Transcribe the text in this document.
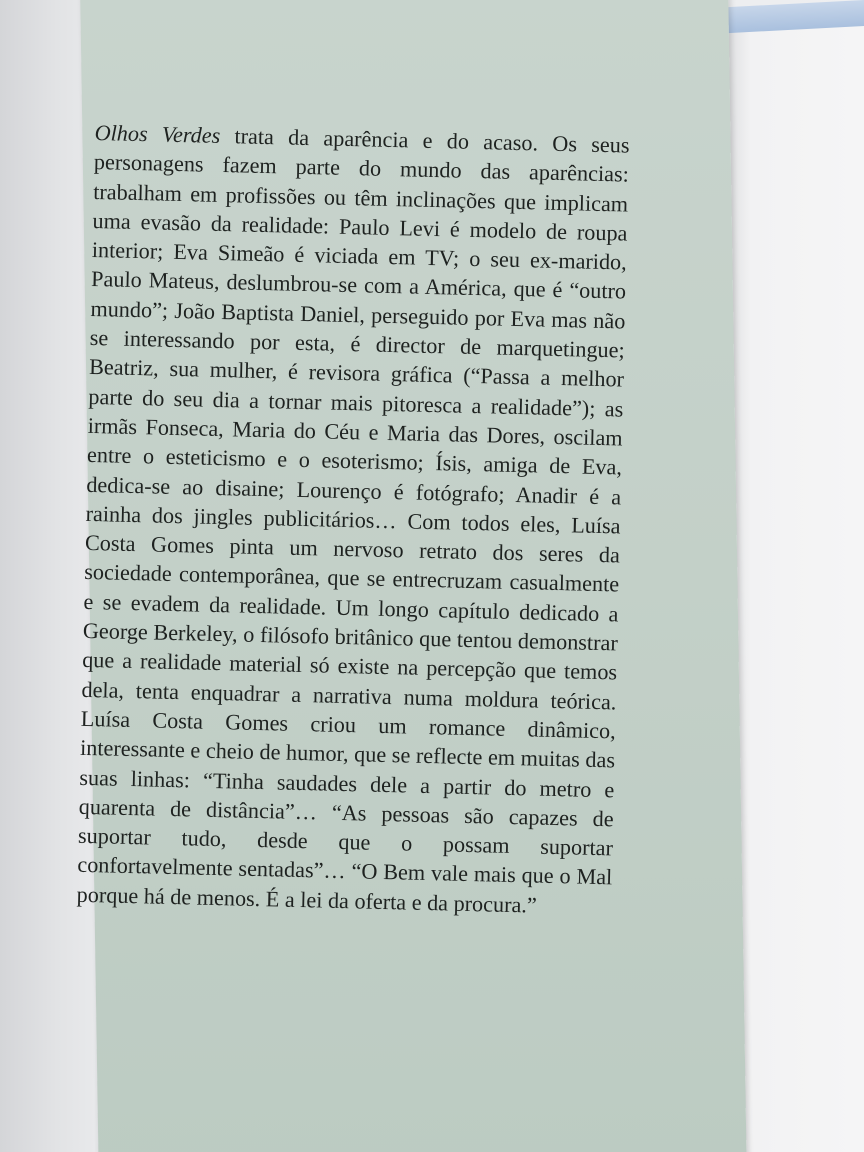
Olhos Verdes trata da aparência e do acaso. Os seus personagens fazem parte do mundo das aparências: trabalham em profissões ou têm inclinações que implicam uma evasão da realidade: Paulo Levi é modelo de roupa interior; Eva Simeão é viciada em TV; o seu ex-marido, Paulo Mateus, deslumbrou-se com a América, que é “outro mundo”; João Baptista Daniel, perseguido por Eva mas não se interessando por esta, é director de marquetingue; Beatriz, sua mulher, é revisora gráfica (“Passa a melhor parte do seu dia a tornar mais pitoresca a realidade”); as irmãs Fonseca, Maria do Céu e Maria das Dores, oscilam entre o esteticismo e o esoterismo; Ísis, amiga de Eva, dedica-se ao disaine; Lourenço é fotógrafo; Anadir é a rainha dos jingles publicitários… Com todos eles, Luísa Costa Gomes pinta um nervoso retrato dos seres da sociedade contemporânea, que se entrecruzam casualmente e se evadem da realidade. Um longo capítulo dedicado a George Berkeley, o filósofo britânico que tentou demonstrar que a realidade material só existe na percepção que temos dela, tenta enquadrar a narrativa numa moldura teórica. Luísa Costa Gomes criou um romance dinâmico, interessante e cheio de humor, que se reflecte em muitas das suas linhas: “Tinha saudades dele a partir do metro e quarenta de distância”… “As pessoas são capazes de suportar tudo, desde que o possam suportar confortavelmente sentadas”… “O Bem vale mais que o Mal porque há de menos. É a lei da oferta e da procura.”
